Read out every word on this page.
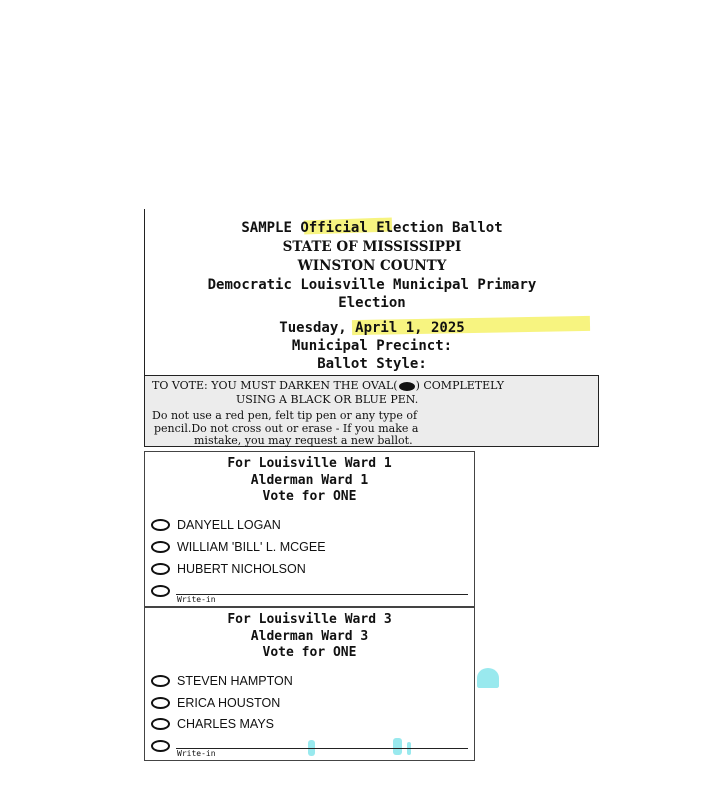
SAMPLE Official Election Ballot
STATE OF MISSISSIPPI
WINSTON COUNTY
Democratic Louisville Municipal Primary
Election
Tuesday, April 1, 2025
Municipal Precinct:
Ballot Style:
TO VOTE: YOU MUST DARKEN THE OVAL( ) COMPLETELY
USING A BLACK OR BLUE PEN.
Do not use a red pen, felt tip pen or any type of
pencil.Do not cross out or erase - If you make a
mistake, you may request a new ballot.
For Louisville Ward 1
Alderman Ward 1
Vote for ONE
DANYELL LOGAN
WILLIAM 'BILL' L. MCGEE
HUBERT NICHOLSON
Write-in
For Louisville Ward 3
Alderman Ward 3
Vote for ONE
STEVEN HAMPTON
ERICA HOUSTON
CHARLES MAYS
Write-in
